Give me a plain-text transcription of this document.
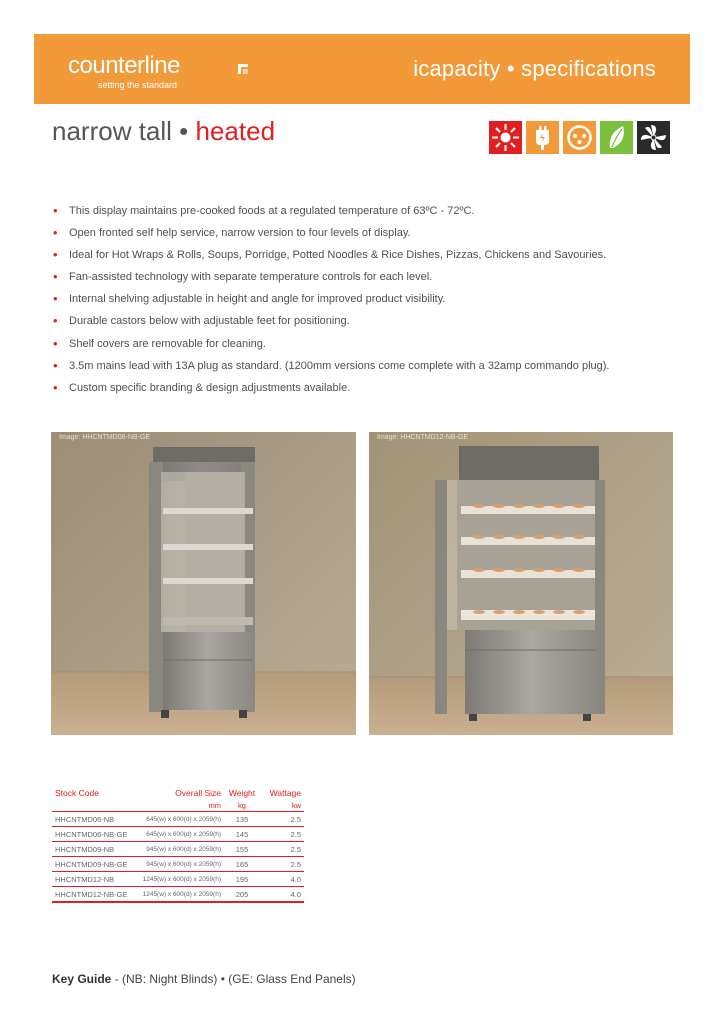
counterline
setting the standard
icapacity • specifications
narrow tall • heated
• This display maintains pre-cooked foods at a regulated temperature of 63ºC - 72ºC.
• Open fronted self help service, narrow version to four levels of display.
• Ideal for Hot Wraps & Rolls, Soups, Porridge, Potted Noodles & Rice Dishes, Pizzas, Chickens and Savouries.
• Fan-assisted technology with separate temperature controls for each level.
• Internal shelving adjustable in height and angle for improved product visibility.
• Durable castors below with adjustable feet for positioning.
• Shelf covers are removable for cleaning.
• 3.5m mains lead with 13A plug as standard. (1200mm versions come complete with a 32amp commando plug).
• Custom specific branding & design adjustments available.
Image: HHCNTMD06-NB-GE	Image: HHCNTMD12-NB-GE
Stock Code	Overall Size	Weight	Wattage
	mm	kg	kw
HHCNTMD06-NB	645(w) x 600(d) x 2059(h)	135	2.5
HHCNTMD06-NB-GE	645(w) x 600(d) x 2059(h)	145	2.5
HHCNTMD09-NB	945(w) x 600(d) x 2059(h)	155	2.5
HHCNTMD09-NB-GE	945(w) x 600(d) x 2059(h)	165	2.5
HHCNTMD12-NB	1245(w) x 600(d) x 2059(h)	195	4.0
HHCNTMD12-NB-GE	1245(w) x 600(d) x 2059(h)	205	4.0
Key Guide - (NB: Night Blinds) • (GE: Glass End Panels)
